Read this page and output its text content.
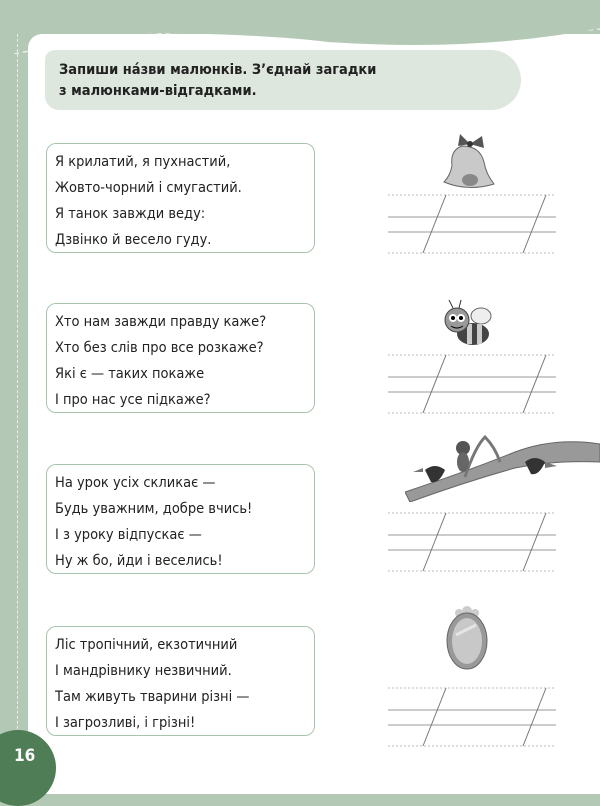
Запиши на́зви малюнків. З’єднай загадки
з малюнками-відгадками.
Я крилатий, я пухнастий,
Жовто-чорний і смугастий.
Я танок завжди веду:
Дзвінко й весело гуду.
Хто нам завжди правду каже?
Хто без слів про все розкаже?
Які є — таких покаже
І про нас усе підкаже?
На урок усіх скликає —
Будь уважним, добре вчись!
І з уроку відпускає —
Ну ж бо, йди і веселись!
Ліс тропічний, екзотичний
І мандрівнику незвичний.
Там живуть тварини різні —
І загрозливі, і грізні!
16
